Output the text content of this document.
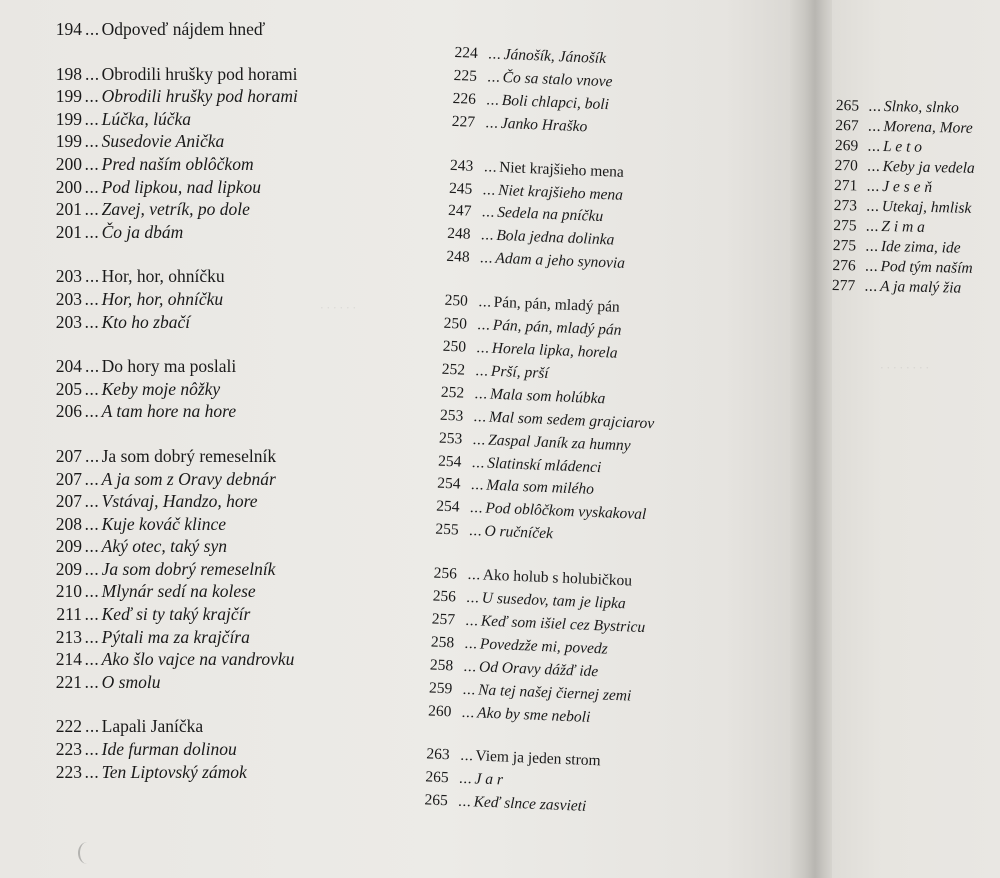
· · · · · ·
· · · · · · · ·
194 ... Odpoveď nájdem hneď
198 ... Obrodili hrušky pod horami
199 ... Obrodili hrušky pod horami
199 ... Lúčka, lúčka
199 ... Susedovie Anička
200 ... Pred naším oblôčkom
200 ... Pod lipkou, nad lipkou
201 ... Zavej, vetrík, po dole
201 ... Čo ja dbám
203 ... Hor, hor, ohníčku
203 ... Hor, hor, ohníčku
203 ... Kto ho zbačí
204 ... Do hory ma poslali
205 ... Keby moje nôžky
206 ... A tam hore na hore
207 ... Ja som dobrý remeselník
207 ... A ja som z Oravy debnár
207 ... Vstávaj, Handzo, hore
208 ... Kuje kováč klince
209 ... Aký otec, taký syn
209 ... Ja som dobrý remeselník
210 ... Mlynár sedí na kolese
211 ... Keď si ty taký krajčír
213 ... Pýtali ma za krajčíra
214 ... Ako šlo vajce na vandrovku
221 ... O smolu
222 ... Lapali Janíčka
223 ... Ide furman dolinou
223 ... Ten Liptovský zámok
224 ...Jánošík, Jánošík
225 ...Čo sa stalo vnove
226 ...Boli chlapci, boli
227 ...Janko Hraško
243 ...Niet krajšieho mena
245 ...Niet krajšieho mena
247 ...Sedela na pníčku
248 ...Bola jedna dolinka
248 ...Adam a jeho synovia
250 ...Pán, pán, mladý pán
250 ...Pán, pán, mladý pán
250 ...Horela lipka, horela
252 ...Prší, prší
252 ...Mala som holúbka
253 ...Mal som sedem grajciarov
253 ...Zaspal Janík za humny
254 ...Slatinskí mládenci
254 ...Mala som milého
254 ...Pod oblôčkom vyskakoval
255 ...O ručníček
256 ...Ako holub s holubičkou
256 ...U susedov, tam je lipka
257 ...Keď som išiel cez Bystricu
258 ...Povedzže mi, povedz
258 ...Od Oravy dážď ide
259 ...Na tej našej čiernej zemi
260 ...Ako by sme neboli
263 ...Viem ja jeden strom
265 ...J a r
265 ...Keď slnce zasvieti
265 ... Slnko, slnko
267 ... Morena, More
269 ... L e t o
270 ... Keby ja vedela
271 ... J e s e ň
273 ... Utekaj, hmlisk
275 ... Z i m a
275 ... Ide zima, ide
276 ... Pod tým naším
277 ... A ja malý žia
